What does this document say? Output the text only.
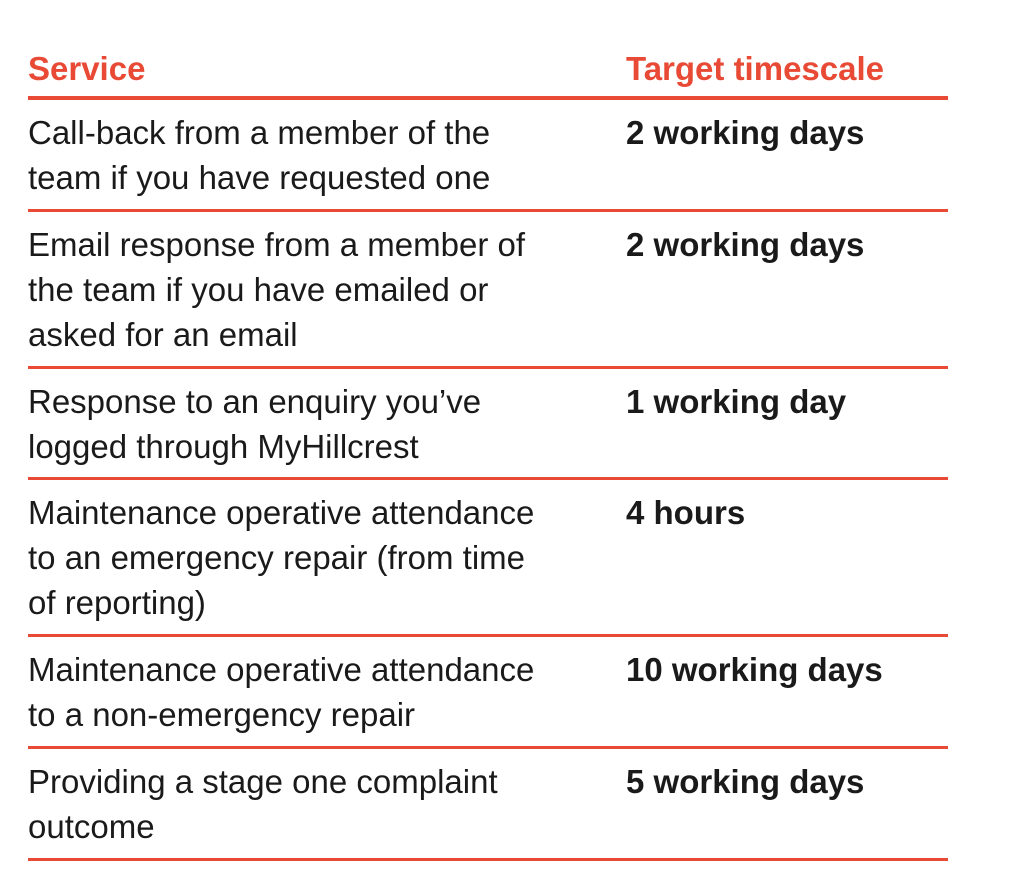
Service	Target timescale
Call-back from a member of the
team if you have requested one
2 working days
Email response from a member of
the team if you have emailed or
asked for an email
2 working days
Response to an enquiry you’ve
logged through MyHillcrest
1 working day
Maintenance operative attendance
to an emergency repair (from time
of reporting)
4 hours
Maintenance operative attendance
to a non-emergency repair
10 working days
Providing a stage one complaint
outcome
5 working days
